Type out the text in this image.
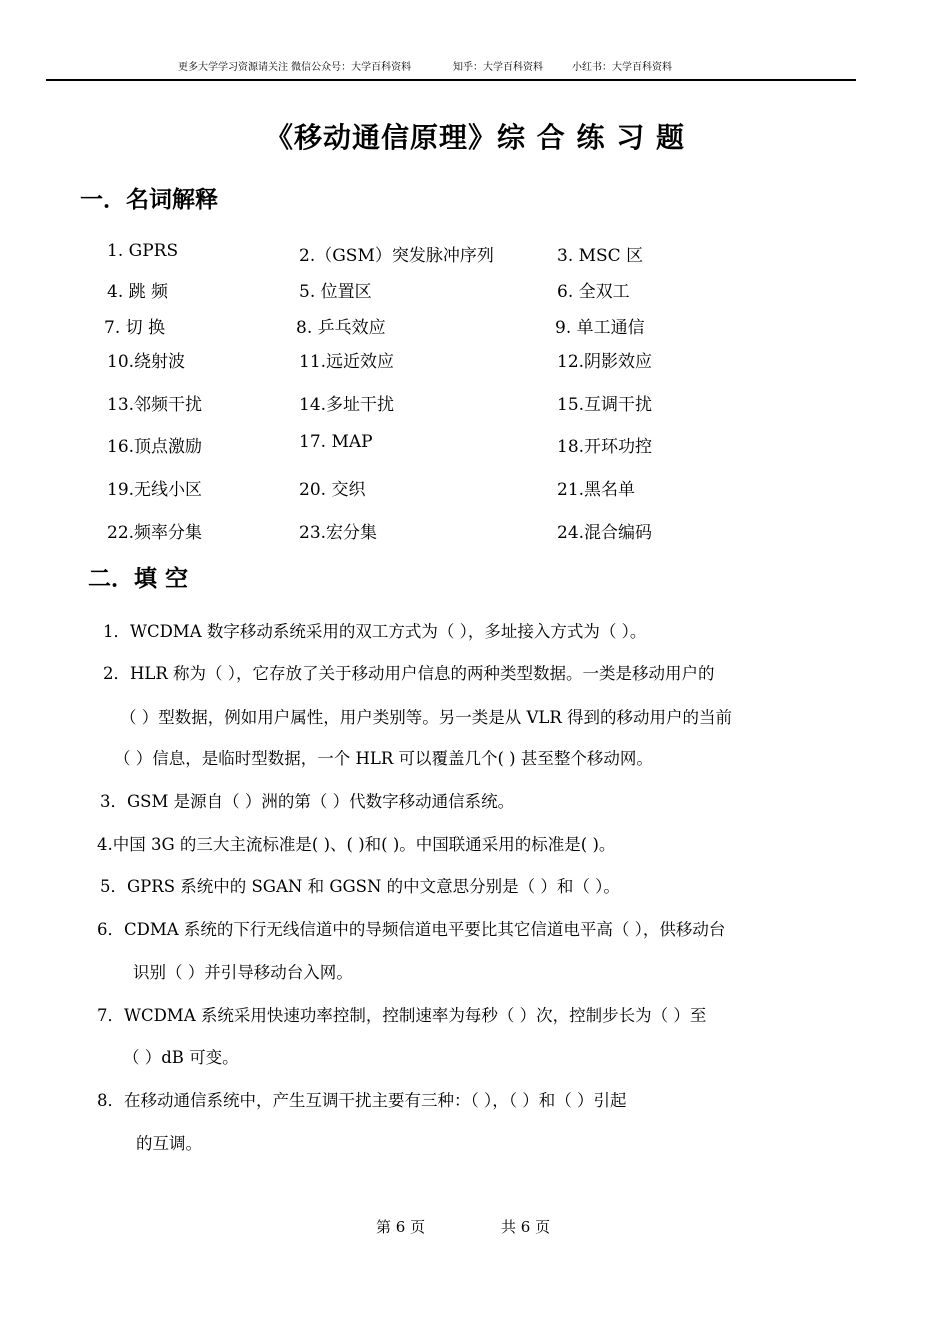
更多大学学习资源请关注 微信公众号：大学百科资料	知乎：大学百科资料	小红书：大学百科资料
《移动通信原理》综 合 练 习 题
一．名词解释
1. GPRS	2.（GSM）突发脉冲序列	3. MSC 区
4. 跳 频	5. 位置区	6. 全双工
7. 切 换	8. 乒乓效应	9. 单工通信
10.绕射波	11.远近效应	12.阴影效应
13.邻频干扰	14.多址干扰	15.互调干扰
16.顶点激励	17. MAP	18.开环功控
19.无线小区	20. 交织	21.黑名单
22.频率分集	23.宏分集	24.混合编码
二．填 空
1．WCDMA 数字移动系统采用的双工方式为（ ），多址接入方式为（ ）。
2．HLR 称为（ ），它存放了关于移动用户信息的两种类型数据。一类是移动用户的
（ ）型数据，例如用户属性，用户类别等。另一类是从 VLR 得到的移动用户的当前
（ ）信息，是临时型数据，一个 HLR 可以覆盖几个( ) 甚至整个移动网。
3．GSM 是源自（ ）洲的第（ ）代数字移动通信系统。
4.中国 3G 的三大主流标准是( )、( )和( )。中国联通采用的标准是( )。
5．GPRS 系统中的 SGAN 和 GGSN 的中文意思分别是（ ）和（ ）。
6．CDMA 系统的下行无线信道中的导频信道电平要比其它信道电平高（ ），供移动台
识别（ ）并引导移动台入网。
7．WCDMA 系统采用快速功率控制，控制速率为每秒（ ）次，控制步长为（ ）至
（ ）dB 可变。
8．在移动通信系统中，产生互调干扰主要有三种：（ ），（ ）和（ ）引起
的互调。
第 6 页	共 6 页
